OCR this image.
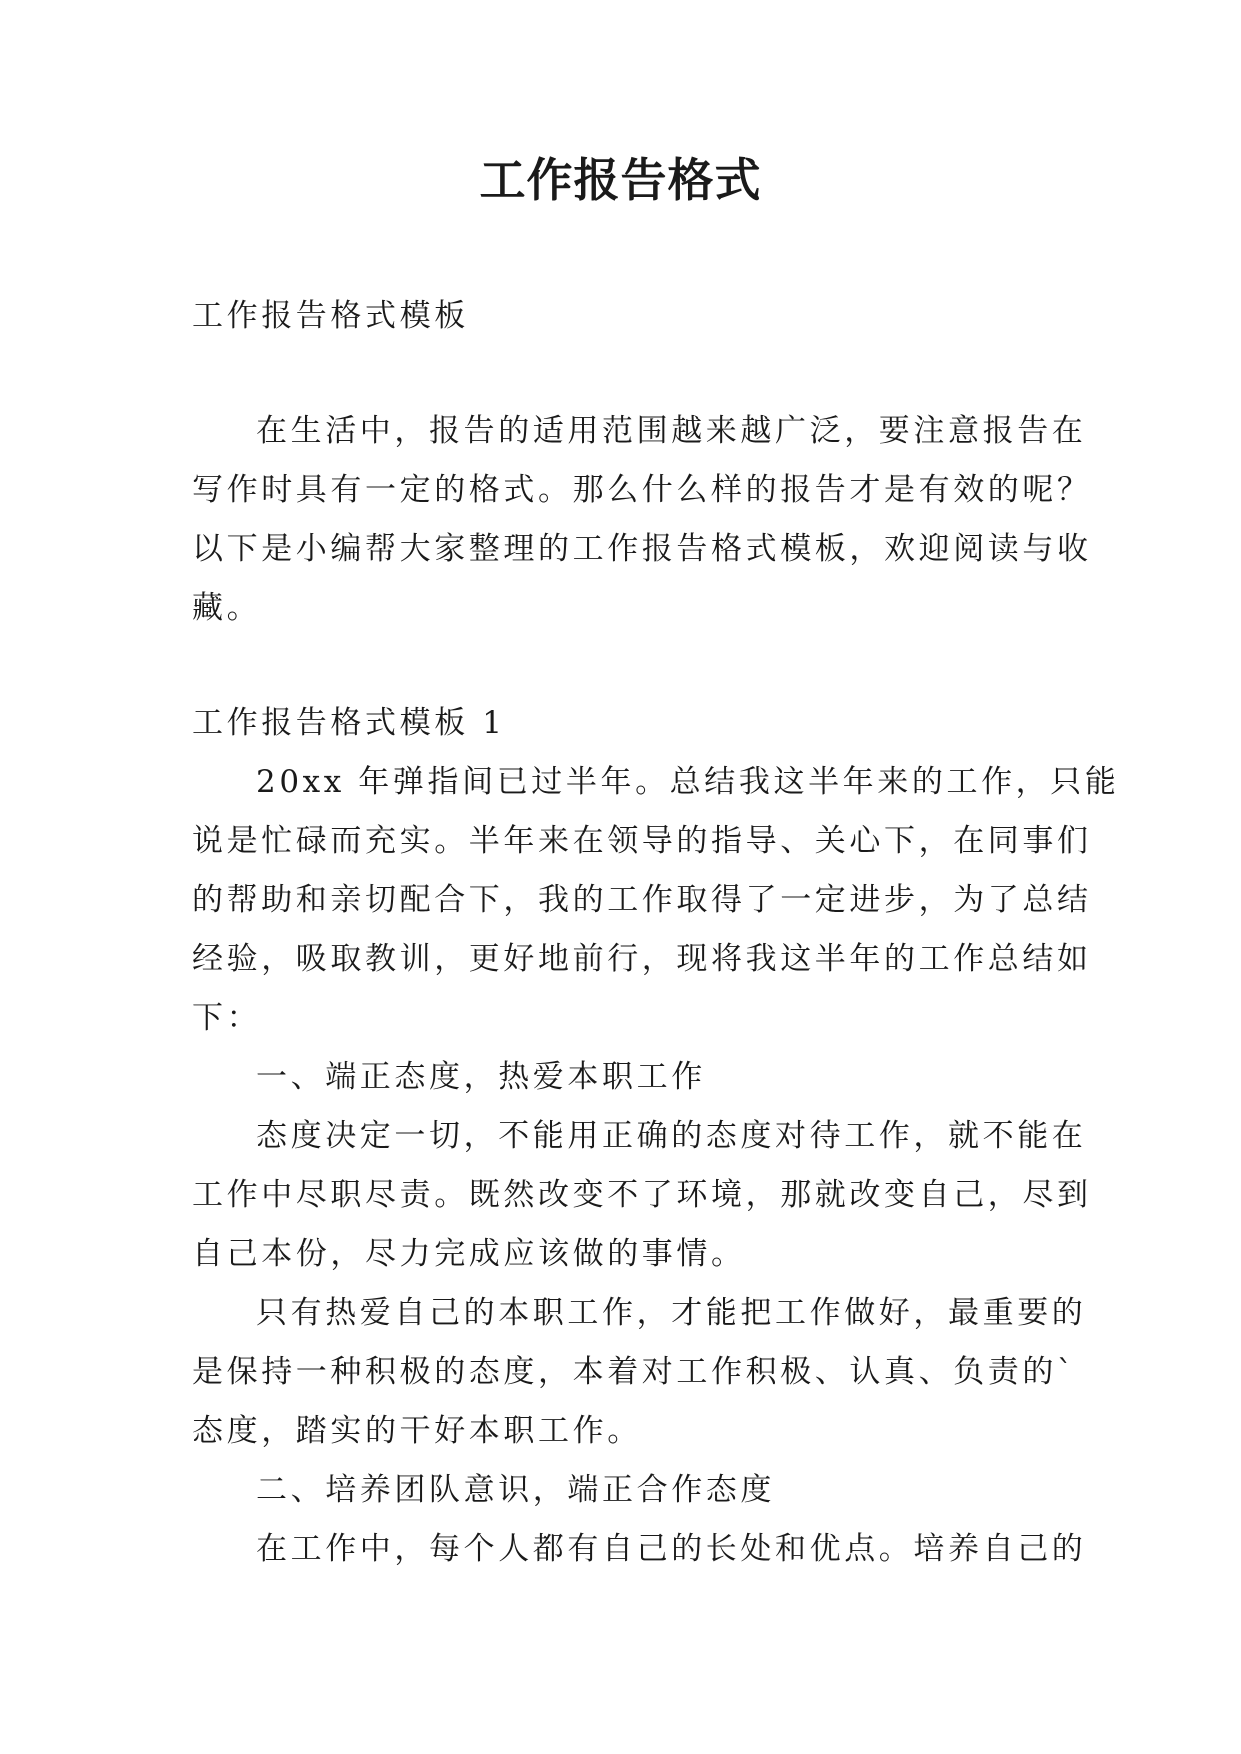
工作报告格式
工作报告格式模板
在生活中，报告的适用范围越来越广泛，要注意报告在
写作时具有一定的格式。那么什么样的报告才是有效的呢？
以下是小编帮大家整理的工作报告格式模板，欢迎阅读与收
藏。
工作报告格式模板 1
20xx 年弹指间已过半年。总结我这半年来的工作，只能
说是忙碌而充实。半年来在领导的指导、关心下，在同事们
的帮助和亲切配合下，我的工作取得了一定进步，为了总结
经验，吸取教训，更好地前行，现将我这半年的工作总结如
下：
一、端正态度，热爱本职工作
态度决定一切，不能用正确的态度对待工作，就不能在
工作中尽职尽责。既然改变不了环境，那就改变自己，尽到
自己本份，尽力完成应该做的事情。
只有热爱自己的本职工作，才能把工作做好，最重要的
是保持一种积极的态度，本着对工作积极、认真、负责的`
态度，踏实的干好本职工作。
二、培养团队意识，端正合作态度
在工作中，每个人都有自己的长处和优点。培养自己的
